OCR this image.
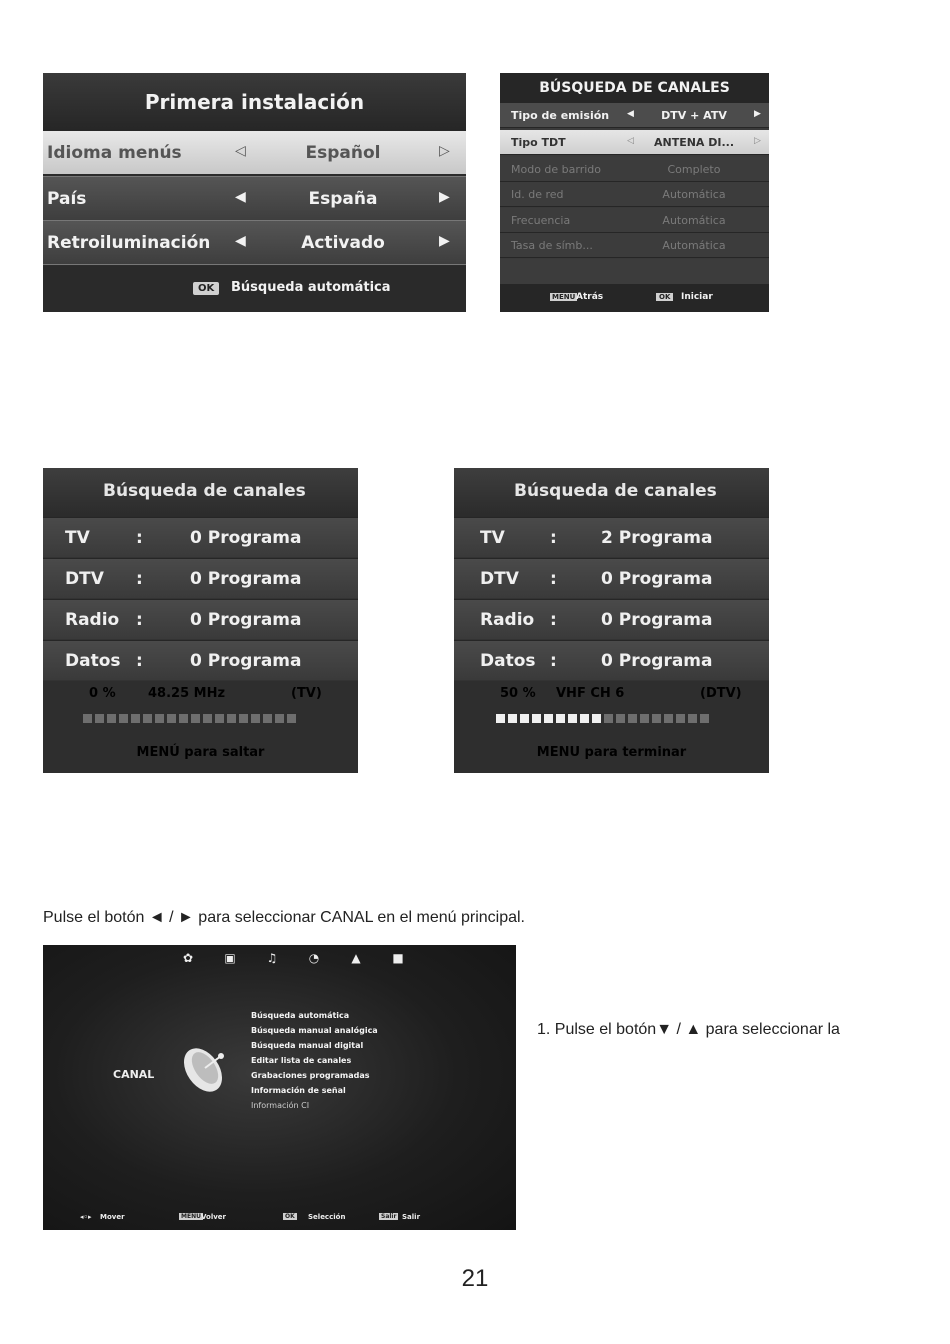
Primera instalación
Idioma menús	◁	Español	▷
País	◀	España	▶
Retroiluminación ◀	Activado	▶
OK	Búsqueda automática
BÚSQUEDA DE CANALES
Tipo de emisión ◀	DTV + ATV	▶
Tipo TDT	◁	ANTENA DI...	▷
Modo de barrido	Completo
Id. de red	Automática
Frecuencia	Automática
Tasa de símb...	Automática
MENU Atrás	OK	Iniciar
Búsqueda de canales
TV	:	0 Programa
DTV :	0 Programa
Radio :	0 Programa
Datos :	0 Programa
0 % 48.25 MHz	(TV)
MENÚ para saltar
Búsqueda de canales
TV	:	2 Programa
DTV :	0 Programa
Radio :	0 Programa
Datos :	0 Programa
50 % VHF CH 6	(DTV)
MENU para terminar
Pulse el botón ◄ / ► para seleccionar CANAL en el menú principal.
✿	▣	♫	◔	▲	■
CANAL
Búsqueda automática
Búsqueda manual analógica
Búsqueda manual digital
Editar lista de canales
Grabaciones programadas
Información de señal
Información CI
◂◦▸ Mover	MENU Volver	OK Selección	Salir Salir
1. Pulse el botón▼ / ▲ para seleccionar la
21
